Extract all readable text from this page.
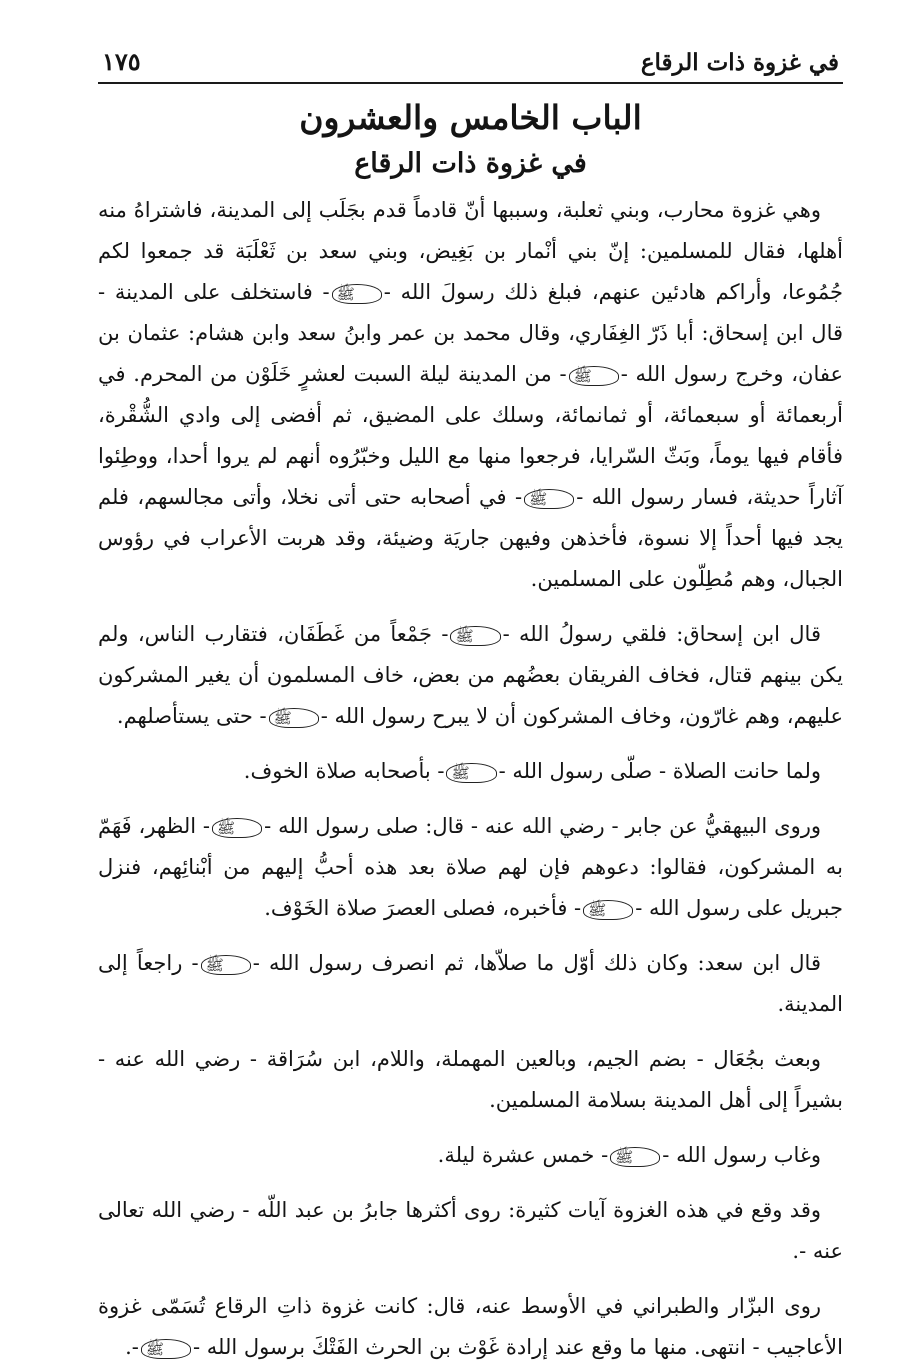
في غزوة ذات الرقاع
١٧٥
الباب الخامس والعشرون
في غزوة ذات الرقاع

وهي غزوة محارب، وبني ثعلبة، وسببها أنّ قادماً قدم بجَلَب إلى المدينة، فاشتراهُ منه أهلها، فقال للمسلمين: إنّ بني أنْمار بن بَغِيض، وبني سعد بن ثَعْلَبَة قد جمعوا لكم جُمُوعا، وأراكم هادئين عنهم، فبلغ ذلك رسولَ الله -ﷺ- فاستخلف على المدينة - قال ابن إسحاق: أبا ذَرّ الغِفَاري، وقال محمد بن عمر وابنُ سعد وابن هشام: عثمان بن عفان، وخرج رسول الله -ﷺ- من المدينة ليلة السبت لعشرٍ خَلَوْن من المحرم. في أربعمائة أو سبعمائة، أو ثمانمائة، وسلك على المضيق، ثم أفضى إلى وادي الشُّقْرة، فأقام فيها يوماً، وبَثّ السّرايا، فرجعوا منها مع الليل وخبّرُوه أنهم لم يروا أحدا، ووطِئوا آثاراً حديثة، فسار رسول الله -ﷺ- في أصحابه حتى أتى نخلا، وأتى مجالسهم، فلم يجد فيها أحداً إلا نسوة، فأخذهن وفيهن جاريَة وضيئة، وقد هربت الأعراب في رؤوس الجبال، وهم مُطِلّون على المسلمين.

قال ابن إسحاق: فلقي رسولُ الله -ﷺ- جَمْعاً من غَطَفَان، فتقارب الناس، ولم يكن بينهم قتال، فخاف الفريقان بعضُهم من بعض، خاف المسلمون أن يغير المشركون عليهم، وهم غارّون، وخاف المشركون أن لا يبرح رسول الله -ﷺ- حتى يستأصلهم.

ولما حانت الصلاة - صلّى رسول الله -ﷺ- بأصحابه صلاة الخوف.

وروى البيهقيُّ عن جابر - رضي الله عنه - قال: صلى رسول الله -ﷺ- الظهر، فَهَمّ به المشركون، فقالوا: دعوهم فإن لهم صلاة بعد هذه أحبُّ إليهم من أبْنائِهم، فنزل جبريل على رسول الله -ﷺ- فأخبره، فصلى العصرَ صلاة الخَوْف.

قال ابن سعد: وكان ذلك أوّل ما صلاّها، ثم انصرف رسول الله -ﷺ- راجعاً إلى المدينة.

وبعث بجُعَال - بضم الجيم، وبالعين المهملة، واللام، ابن سُرَاقة - رضي الله عنه - بشيراً إلى أهل المدينة بسلامة المسلمين.

وغاب رسول الله -ﷺ- خمس عشرة ليلة.

وقد وقع في هذه الغزوة آيات كثيرة: روى أكثرها جابرُ بن عبد اللّه - رضي الله تعالى عنه -.

روى البزّار والطبراني في الأوسط عنه، قال: كانت غزوة ذاتِ الرقاع تُسَمّى غزوة الأعاجيب - انتهى. منها ما وقع عند إرادة غَوْث بن الحرث الفَتْكَ برسول الله -ﷺ-.
